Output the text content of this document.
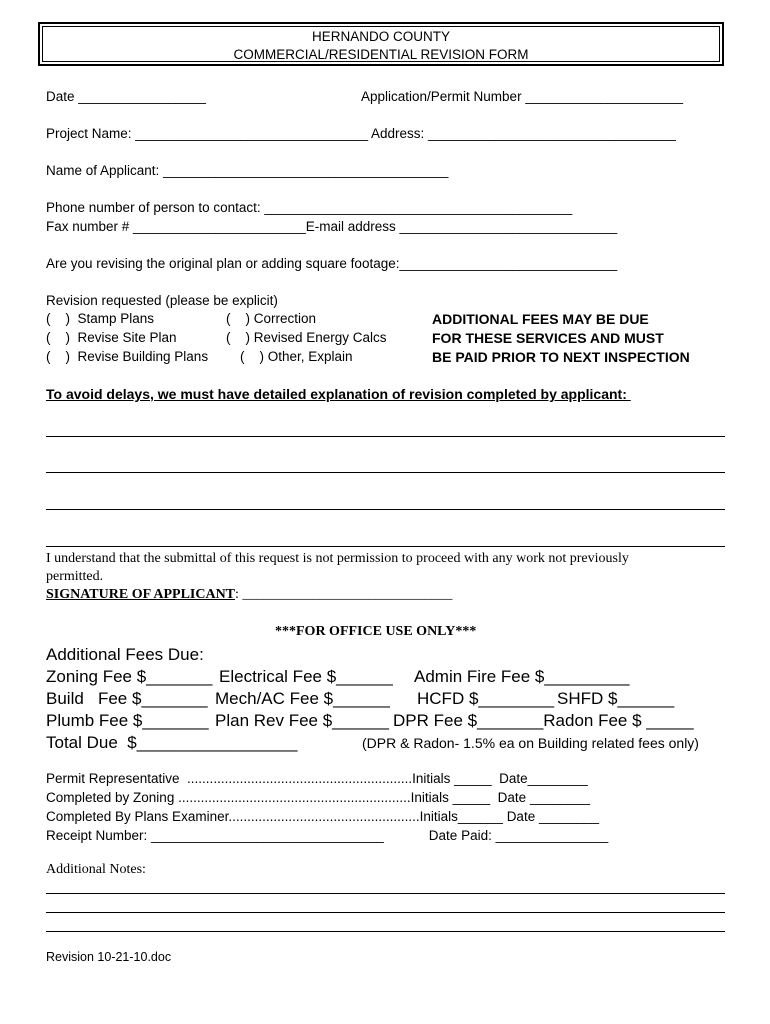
HERNANDO COUNTY
COMMERCIAL/RESIDENTIAL REVISION FORM
Date _________________	Application/Permit Number _____________________
Project Name: _______________________________ Address: _________________________________
Name of Applicant: ______________________________________
Phone number of person to contact: _________________________________________
Fax number # _______________________E-mail address _____________________________
Are you revising the original plan or adding square footage:_____________________________
Revision requested (please be explicit)
(    )  Stamp Plans
(    )  Revise Site Plan
(    )  Revise Building Plans
(    ) Correction
(    ) Revised Energy Calcs
(    ) Other, Explain
ADDITIONAL FEES MAY BE DUE
FOR THESE SERVICES AND MUST
BE PAID PRIOR TO NEXT INSPECTION
To avoid delays, we must have detailed explanation of revision completed by applicant:
I understand that the submittal of this request is not permission to proceed with any work not previously
permitted.
SIGNATURE OF APPLICANT: ______________________________
***FOR OFFICE USE ONLY***
Additional Fees Due:
Zoning Fee $_______ Electrical Fee $______ Admin Fire Fee $_________
Build   Fee $_______ Mech/AC Fee $______ HCFD $________ SHFD $______
Plumb Fee $_______ Plan Rev Fee $______ DPR Fee $_______Radon Fee $ _____
Total Due  $_________________	(DPR & Radon- 1.5% ea on Building related fees only)
Permit Representative  ............................................................Initials _____  Date________
Completed by Zoning ..............................................................Initials _____  Date ________
Completed By Plans Examiner...................................................Initials______ Date ________
Receipt Number: _______________________________            Date Paid: _______________
Additional Notes:
Revision 10-21-10.doc
